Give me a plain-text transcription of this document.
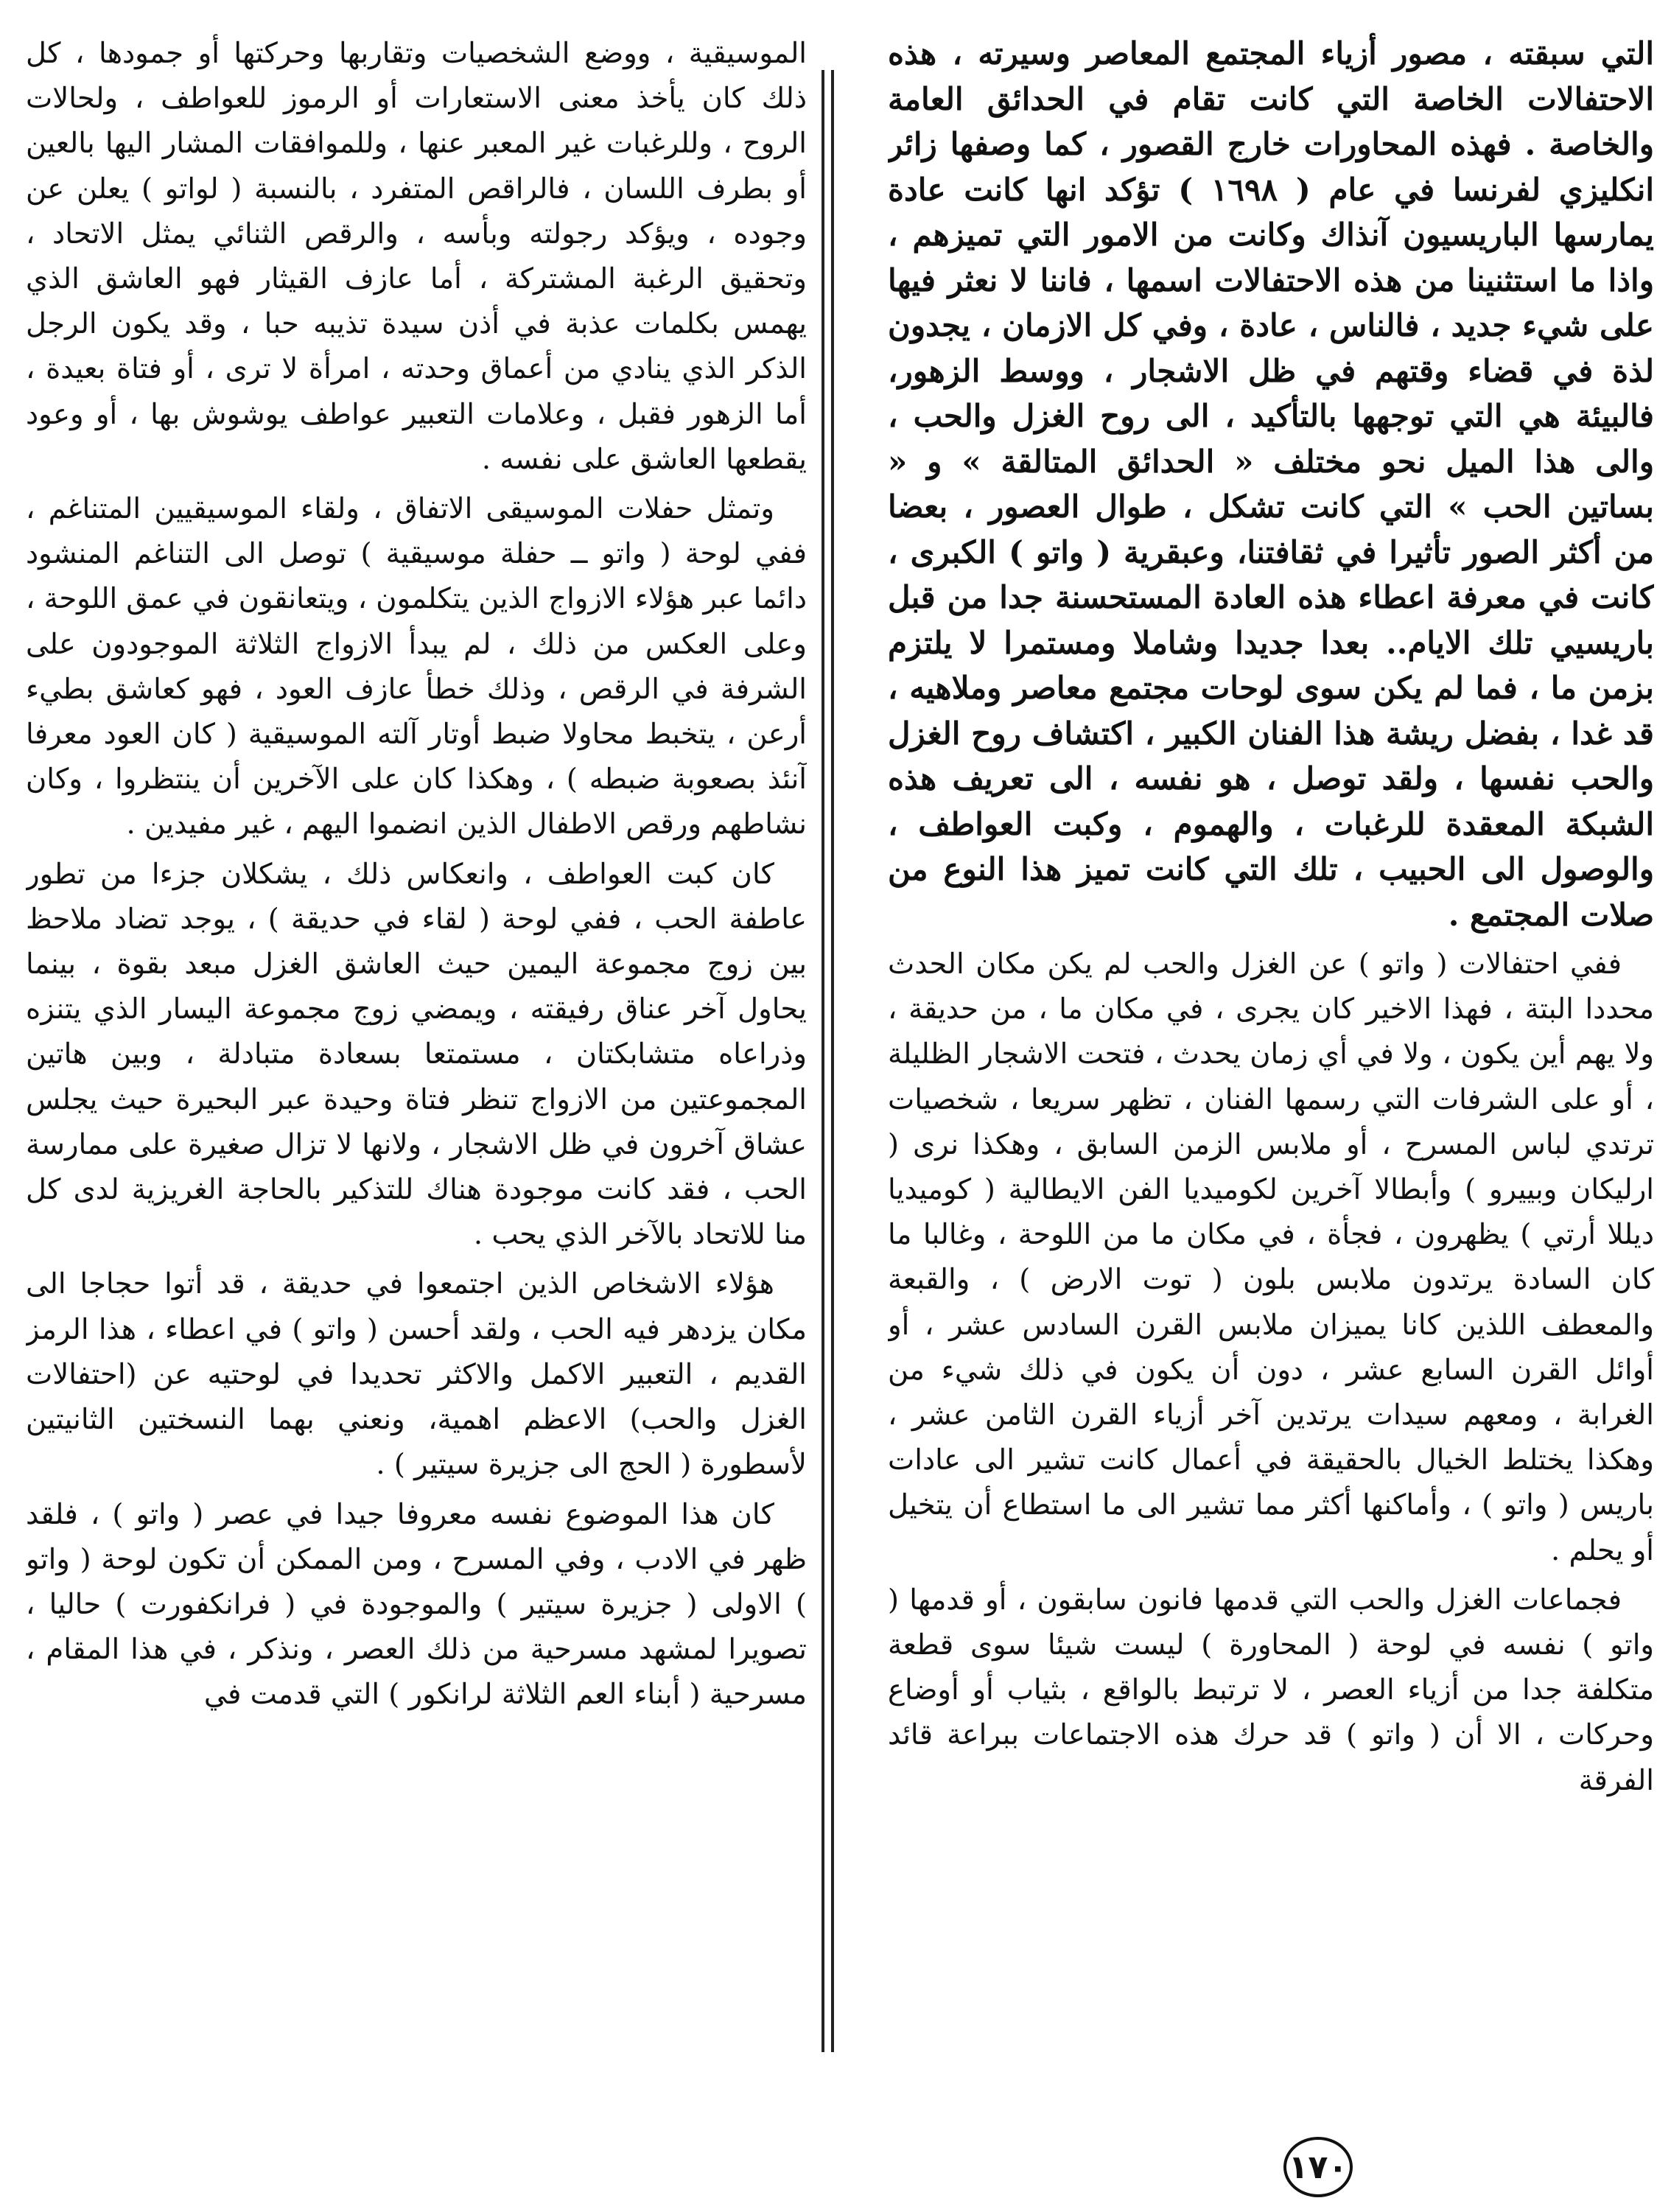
التي سبقته ، مصور أزياء المجتمع المعاصر وسيرته ، هذه الاحتفالات الخاصة التي كانت تقام في الحدائق العامة والخاصة . فهذه المحاورات خارج القصور ، كما وصفها زائر انكليزي لفرنسا في عام ( ١٦٩٨ ) تؤكد انها كانت عادة يمارسها الباريسيون آنذاك وكانت من الامور التي تميزهم ، واذا ما استثنينا من هذه الاحتفالات اسمها ، فاننا لا نعثر فيها على شيء جديد ، فالناس ، عادة ، وفي كل الازمان ، يجدون لذة في قضاء وقتهم في ظل الاشجار ، ووسط الزهور، فالبيئة هي التي توجهها بالتأكيد ، الى روح الغزل والحب ، والى هذا الميل نحو مختلف « الحدائق المتالقة » و « بساتين الحب » التي كانت تشكل ، طوال العصور ، بعضا من أكثر الصور تأثيرا في ثقافتنا، وعبقرية ( واتو ) الكبرى ، كانت في معرفة اعطاء هذه العادة المستحسنة جدا من قبل باريسيي تلك الايام.. بعدا جديدا وشاملا ومستمرا لا يلتزم بزمن ما ، فما لم يكن سوى لوحات مجتمع معاصر وملاهيه ، قد غدا ، بفضل ريشة هذا الفنان الكبير ، اكتشاف روح الغزل والحب نفسها ، ولقد توصل ، هو نفسه ، الى تعريف هذه الشبكة المعقدة للرغبات ، والهموم ، وكبت العواطف ، والوصول الى الحبيب ، تلك التي كانت تميز هذا النوع من صلات المجتمع .

ففي احتفالات ( واتو ) عن الغزل والحب لم يكن مكان الحدث محددا البتة ، فهذا الاخير كان يجرى ، في مكان ما ، من حديقة ، ولا يهم أين يكون ، ولا في أي زمان يحدث ، فتحت الاشجار الظليلة ، أو على الشرفات التي رسمها الفنان ، تظهر سريعا ، شخصيات ترتدي لباس المسرح ، أو ملابس الزمن السابق ، وهكذا نرى ( ارليكان وبييرو ) وأبطالا آخرين لكوميديا الفن الايطالية ( كوميديا ديللا أرتي ) يظهرون ، فجأة ، في مكان ما من اللوحة ، وغالبا ما كان السادة يرتدون ملابس بلون ( توت الارض ) ، والقبعة والمعطف اللذين كانا يميزان ملابس القرن السادس عشر ، أو أوائل القرن السابع عشر ، دون أن يكون في ذلك شيء من الغرابة ، ومعهم سيدات يرتدين آخر أزياء القرن الثامن عشر ، وهكذا يختلط الخيال بالحقيقة في أعمال كانت تشير الى عادات باريس ( واتو ) ، وأماكنها أكثر مما تشير الى ما استطاع أن يتخيل أو يحلم .

فجماعات الغزل والحب التي قدمها فانون سابقون ، أو قدمها ( واتو ) نفسه في لوحة ( المحاورة ) ليست شيئا سوى قطعة متكلفة جدا من أزياء العصر ، لا ترتبط بالواقع ، بثياب أو أوضاع وحركات ، الا أن ( واتو ) قد حرك هذه الاجتماعات ببراعة قائد الفرقة

الموسيقية ، ووضع الشخصيات وتقاربها وحركتها أو جمودها ، كل ذلك كان يأخذ معنى الاستعارات أو الرموز للعواطف ، ولحالات الروح ، وللرغبات غير المعبر عنها ، وللموافقات المشار اليها بالعين أو بطرف اللسان ، فالراقص المتفرد ، بالنسبة ( لواتو ) يعلن عن وجوده ، ويؤكد رجولته وبأسه ، والرقص الثنائي يمثل الاتحاد ، وتحقيق الرغبة المشتركة ، أما عازف القيثار فهو العاشق الذي يهمس بكلمات عذبة في أذن سيدة تذيبه حبا ، وقد يكون الرجل الذكر الذي ينادي من أعماق وحدته ، امرأة لا ترى ، أو فتاة بعيدة ، أما الزهور فقبل ، وعلامات التعبير عواطف يوشوش بها ، أو وعود يقطعها العاشق على نفسه .

وتمثل حفلات الموسيقى الاتفاق ، ولقاء الموسيقيين المتناغم ، ففي لوحة ( واتو ــ حفلة موسيقية ) توصل الى التناغم المنشود دائما عبر هؤلاء الازواج الذين يتكلمون ، ويتعانقون في عمق اللوحة ، وعلى العكس من ذلك ، لم يبدأ الازواج الثلاثة الموجودون على الشرفة في الرقص ، وذلك خطأ عازف العود ، فهو كعاشق بطيء أرعن ، يتخبط محاولا ضبط أوتار آلته الموسيقية ( كان العود معرفا آنئذ بصعوبة ضبطه ) ، وهكذا كان على الآخرين أن ينتظروا ، وكان نشاطهم ورقص الاطفال الذين انضموا اليهم ، غير مفيدين .

كان كبت العواطف ، وانعكاس ذلك ، يشكلان جزءا من تطور عاطفة الحب ، ففي لوحة ( لقاء في حديقة ) ، يوجد تضاد ملاحظ بين زوج مجموعة اليمين حيث العاشق الغزل مبعد بقوة ، بينما يحاول آخر عناق رفيقته ، ويمضي زوج مجموعة اليسار الذي يتنزه وذراعاه متشابكتان ، مستمتعا بسعادة متبادلة ، وبين هاتين المجموعتين من الازواج تنظر فتاة وحيدة عبر البحيرة حيث يجلس عشاق آخرون في ظل الاشجار ، ولانها لا تزال صغيرة على ممارسة الحب ، فقد كانت موجودة هناك للتذكير بالحاجة الغريزية لدى كل منا للاتحاد بالآخر الذي يحب .

هؤلاء الاشخاص الذين اجتمعوا في حديقة ، قد أتوا حجاجا الى مكان يزدهر فيه الحب ، ولقد أحسن ( واتو ) في اعطاء ، هذا الرمز القديم ، التعبير الاكمل والاكثر تحديدا في لوحتيه عن (احتفالات الغزل والحب) الاعظم اهمية، ونعني بهما النسختين الثانيتين لأسطورة ( الحج الى جزيرة سيتير ) .

كان هذا الموضوع نفسه معروفا جيدا في عصر ( واتو ) ، فلقد ظهر في الادب ، وفي المسرح ، ومن الممكن أن تكون لوحة ( واتو ) الاولى ( جزيرة سيتير ) والموجودة في ( فرانكفورت ) حاليا ، تصويرا لمشهد مسرحية من ذلك العصر ، ونذكر ، في هذا المقام ، مسرحية ( أبناء العم الثلاثة لرانكور ) التي قدمت في

١٧٠
